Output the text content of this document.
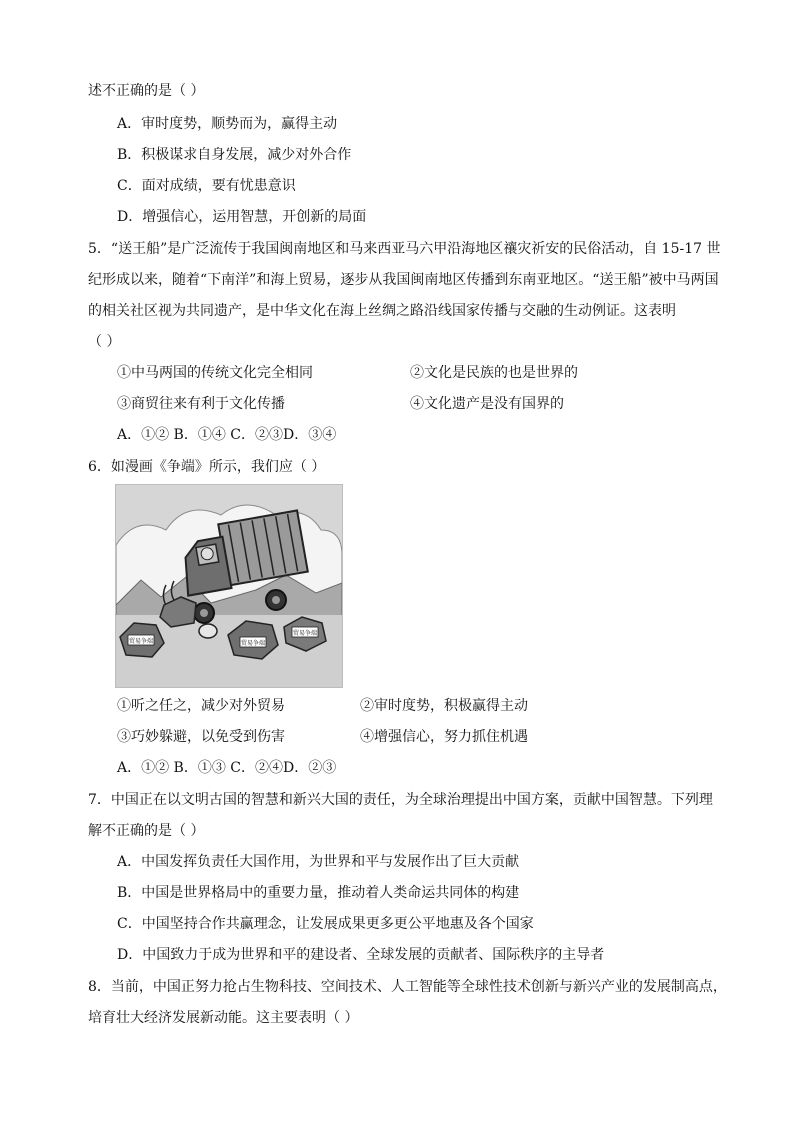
述不正确的是（ ）
A．审时度势，顺势而为，赢得主动
B．积极谋求自身发展，减少对外合作
C．面对成绩，要有忧患意识
D．增强信心，运用智慧，开创新的局面
5．“送王船”是广泛流传于我国闽南地区和马来西亚马六甲沿海地区禳灾祈安的民俗活动，自 15-17 世
纪形成以来，随着“下南洋”和海上贸易，逐步从我国闽南地区传播到东南亚地区。“送王船”被中马两国
的相关社区视为共同遗产，是中华文化在海上丝绸之路沿线国家传播与交融的生动例证。这表明
（ ）
①中马两国的传统文化完全相同	②文化是民族的也是世界的
③商贸往来有利于文化传播	④文化遗产是没有国界的
A．①② B．①④ C．②③D．③④
6．如漫画《争端》所示，我们应（ ）
贸易争端	贸易争端
贸易争端
①听之任之，减少对外贸易	②审时度势，积极赢得主动
③巧妙躲避，以免受到伤害	④增强信心，努力抓住机遇
A．①② B．①③ C．②④D．②③
7．中国正在以文明古国的智慧和新兴大国的责任，为全球治理提出中国方案，贡献中国智慧。下列理
解不正确的是（ ）
A．中国发挥负责任大国作用，为世界和平与发展作出了巨大贡献
B．中国是世界格局中的重要力量，推动着人类命运共同体的构建
C．中国坚持合作共赢理念，让发展成果更多更公平地惠及各个国家
D．中国致力于成为世界和平的建设者、全球发展的贡献者、国际秩序的主导者
8．当前，中国正努力抢占生物科技、空间技术、人工智能等全球性技术创新与新兴产业的发展制高点，
培育壮大经济发展新动能。这主要表明（ ）
